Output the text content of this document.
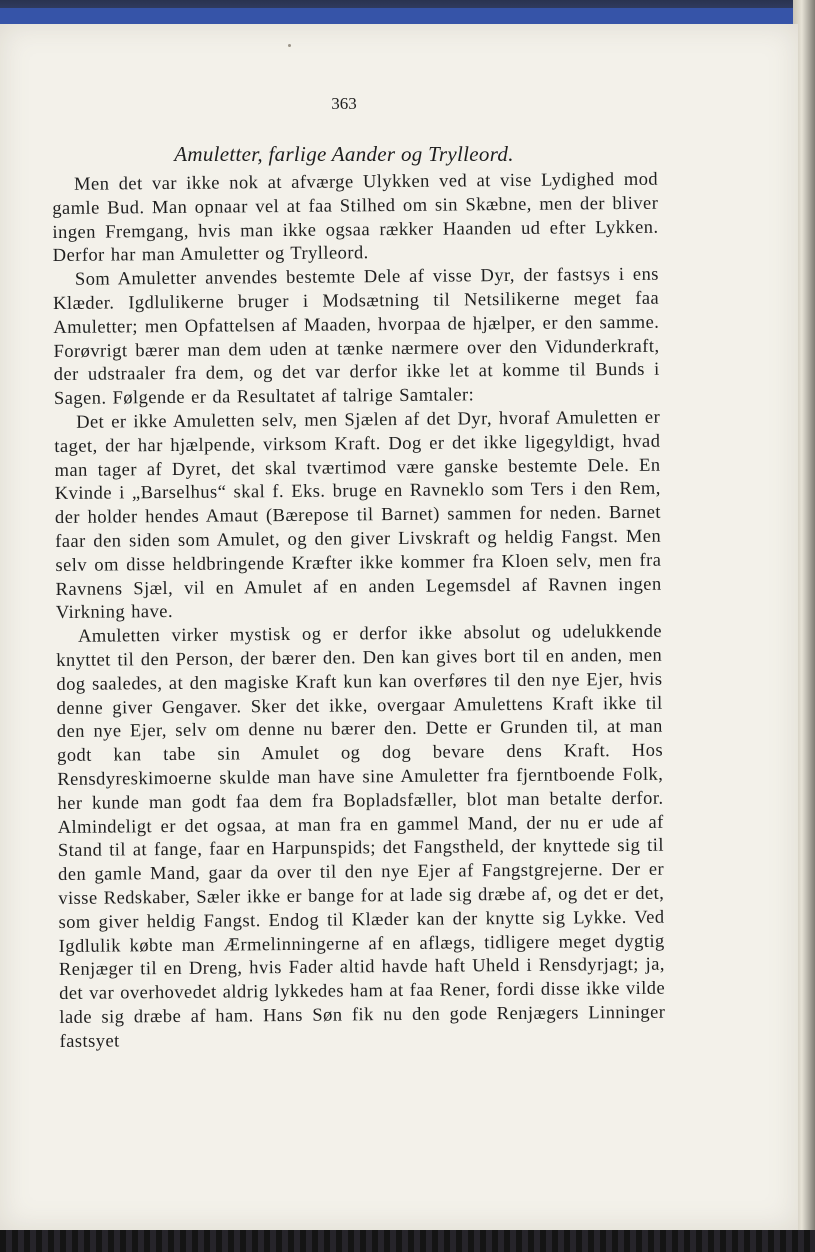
363
Amuletter, farlige Aander og Trylleord.

Men det var ikke nok at afværge Ulykken ved at vise Lydighed mod gamle Bud. Man opnaar vel at faa Stilhed om sin Skæbne, men der bliver ingen Fremgang, hvis man ikke ogsaa rækker Haanden ud efter Lykken. Derfor har man Amuletter og Trylleord.

Som Amuletter anvendes bestemte Dele af visse Dyr, der fastsys i ens Klæder. Igdlulikerne bruger i Modsætning til Netsilikerne meget faa Amuletter; men Opfattelsen af Maaden, hvorpaa de hjælper, er den samme. Forøvrigt bærer man dem uden at tænke nærmere over den Vidunderkraft, der udstraaler fra dem, og det var derfor ikke let at komme til Bunds i Sagen. Følgende er da Resultatet af talrige Samtaler:

Det er ikke Amuletten selv, men Sjælen af det Dyr, hvoraf Amuletten er taget, der har hjælpende, virksom Kraft. Dog er det ikke ligegyldigt, hvad man tager af Dyret, det skal tværtimod være ganske bestemte Dele. En Kvinde i „Barselhus“ skal f. Eks. bruge en Ravneklo som Ters i den Rem, der holder hendes Amaut (Bærepose til Barnet) sammen for neden. Barnet faar den siden som Amulet, og den giver Livskraft og heldig Fangst. Men selv om disse heldbringende Kræfter ikke kommer fra Kloen selv, men fra Ravnens Sjæl, vil en Amulet af en anden Legemsdel af Ravnen ingen Virkning have.

Amuletten virker mystisk og er derfor ikke absolut og udelukkende knyttet til den Person, der bærer den. Den kan gives bort til en anden, men dog saaledes, at den magiske Kraft kun kan overføres til den nye Ejer, hvis denne giver Gengaver. Sker det ikke, overgaar Amulettens Kraft ikke til den nye Ejer, selv om denne nu bærer den. Dette er Grunden til, at man godt kan tabe sin Amulet og dog bevare dens Kraft. Hos Rensdyreskimoerne skulde man have sine Amuletter fra fjerntboende Folk, her kunde man godt faa dem fra Bopladsfæller, blot man betalte derfor. Almindeligt er det ogsaa, at man fra en gammel Mand, der nu er ude af Stand til at fange, faar en Harpunspids; det Fangstheld, der knyttede sig til den gamle Mand, gaar da over til den nye Ejer af Fangstgrejerne. Der er visse Redskaber, Sæler ikke er bange for at lade sig dræbe af, og det er det, som giver heldig Fangst. Endog til Klæder kan der knytte sig Lykke. Ved Igdlulik købte man Ærmelinningerne af en aflægs, tidligere meget dygtig Renjæger til en Dreng, hvis Fader altid havde haft Uheld i Rensdyrjagt; ja, det var overhovedet aldrig lykkedes ham at faa Rener, fordi disse ikke vilde lade sig dræbe af ham. Hans Søn fik nu den gode Renjægers Linninger fastsyet
